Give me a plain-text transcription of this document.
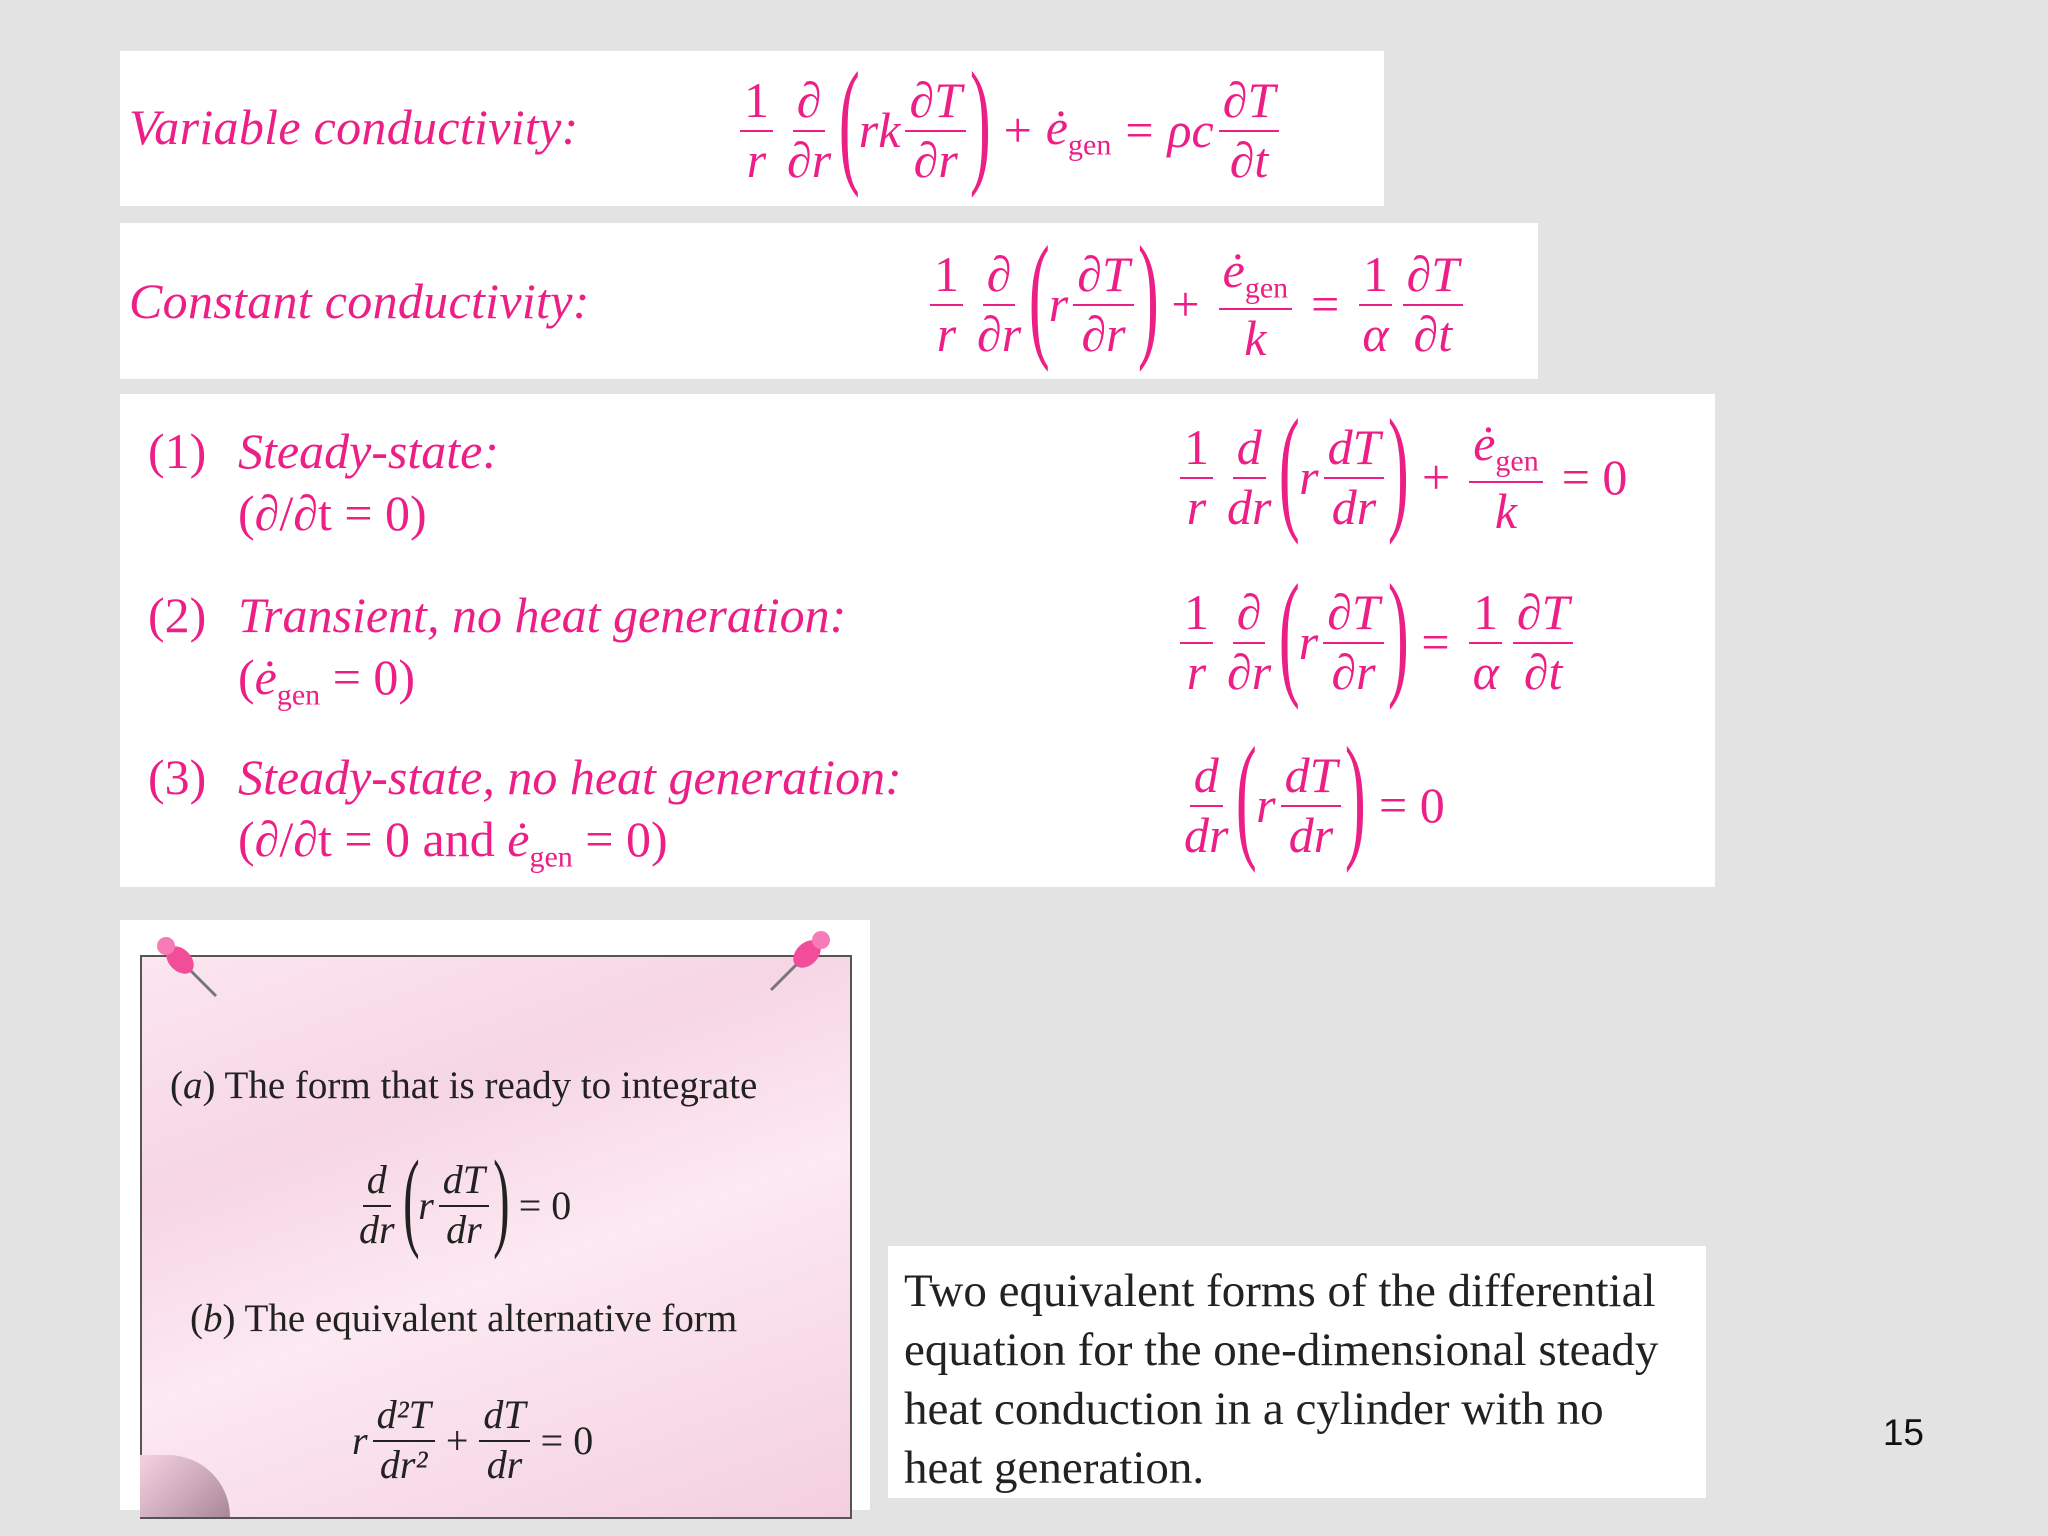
Variable conductivity:	$\frac{1}{r} \frac{\partial}{\partial r}$ (
rk $\frac{\partial T}{\partial r}$ ) + $ė_{gen} = \rho c \frac{\partial T}{\partial t}$
Constant conductivity:	$\frac{1}{r} \frac{\partial}{\partial r}$ (
r $\frac{\partial T}{\partial r}$ ) + $\frac{ė_{gen}}{k} = \frac{1}{\alpha} \frac{\partial T}{\partial t}$
(1) Steady-state:
(∂/∂t = 0)
(2) Transient, no heat generation:
$(ė_{gen} = 0)$
(3) Steady-state, no heat generation:
(∂/∂t = 0 and $ė_{gen} = 0$)
$\frac{1}{r} \frac{d}{dr}$ (
r $\frac{dT}{dr}$ ) + $\frac{ė_{gen}}{k} = 0$
$\frac{1}{r} \frac{\partial}{\partial r}$ (
r $\frac{\partial T}{\partial r}$ ) = $\frac{1}{\alpha} \frac{\partial T}{\partial t}$
$\frac{d}{dr}$ (
r $\frac{dT}{dr}$ ) = 0
(a) The form that is ready to integrate
$\frac{d}{dr}$ ( r $\frac{dT}{dr}$ ) = 0
(b) The equivalent alternative form
r $\frac{\text{d²T}}{\text{dr²}} + \frac{dT}{dr} = 0$
Two equivalent forms of the differential equation for the one-dimensional steady heat conduction in a cylinder with no heat generation.
15
